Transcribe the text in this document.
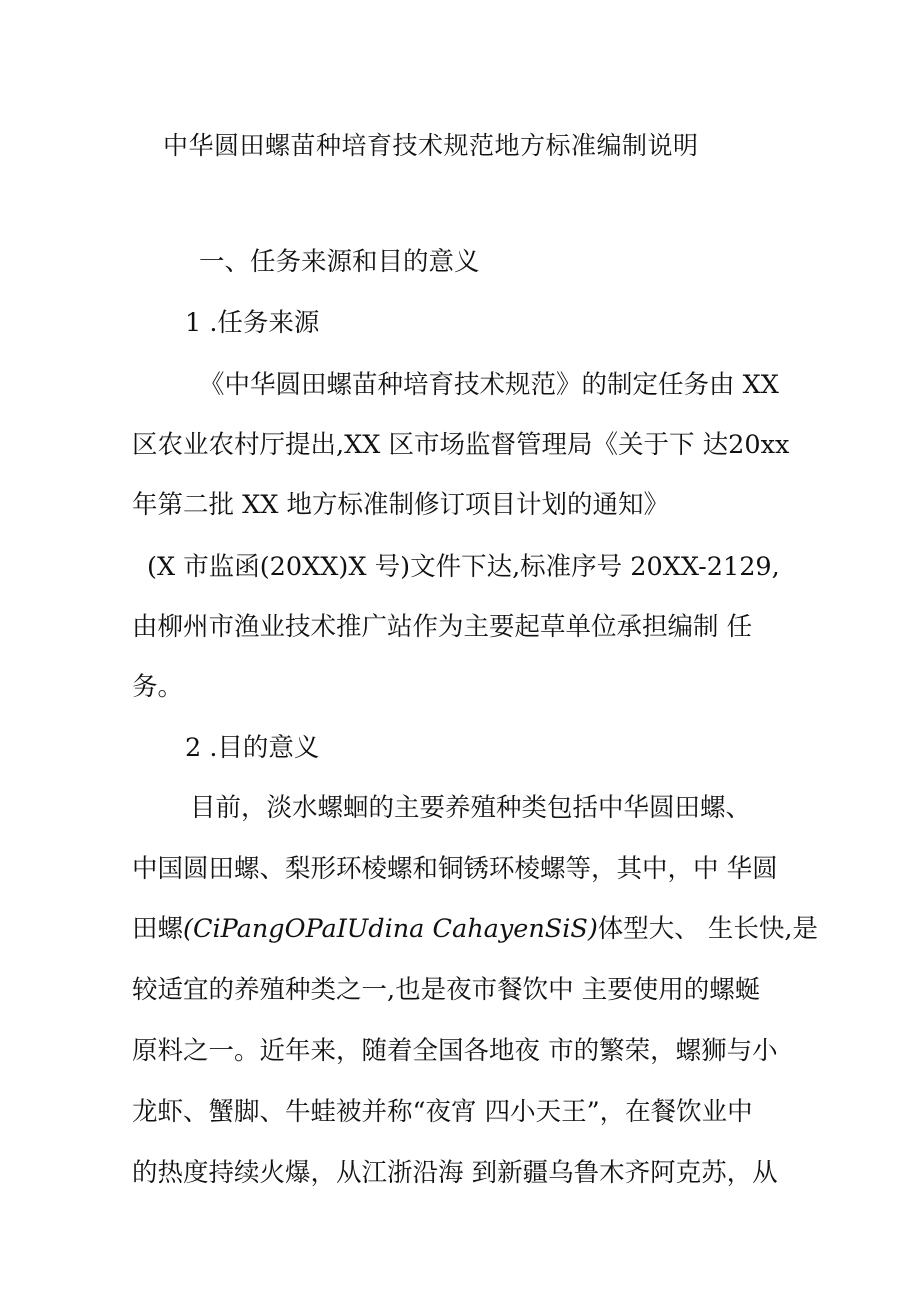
中华圆田螺苗种培育技术规范地方标准编制说明
一、任务来源和目的意义
1 .任务来源
《中华圆田螺苗种培育技术规范》的制定任务由 XX
区农业农村厅提出,XX 区市场监督管理局《关于下 达20xx
年第二批 XX 地方标准制修订项目计划的通知》
(X 市监函(20XX)X 号)文件下达,标准序号 20XX-2129,
由柳州市渔业技术推广站作为主要起草单位承担编制 任
务。
2 .目的意义
目前，淡水螺蛔的主要养殖种类包括中华圆田螺、
中国圆田螺、梨形环棱螺和铜锈环棱螺等，其中，中 华圆
田螺(CiPangOPaIUdina CahayenSiS)体型大、 生长快,是
较适宜的养殖种类之一,也是夜市餐饮中 主要使用的螺蜒
原料之一。近年来，随着全国各地夜 市的繁荣，螺狮与小
龙虾、蟹脚、牛蛙被并称“夜宵 四小天王”，在餐饮业中
的热度持续火爆，从江浙沿海 到新疆乌鲁木齐阿克苏，从
